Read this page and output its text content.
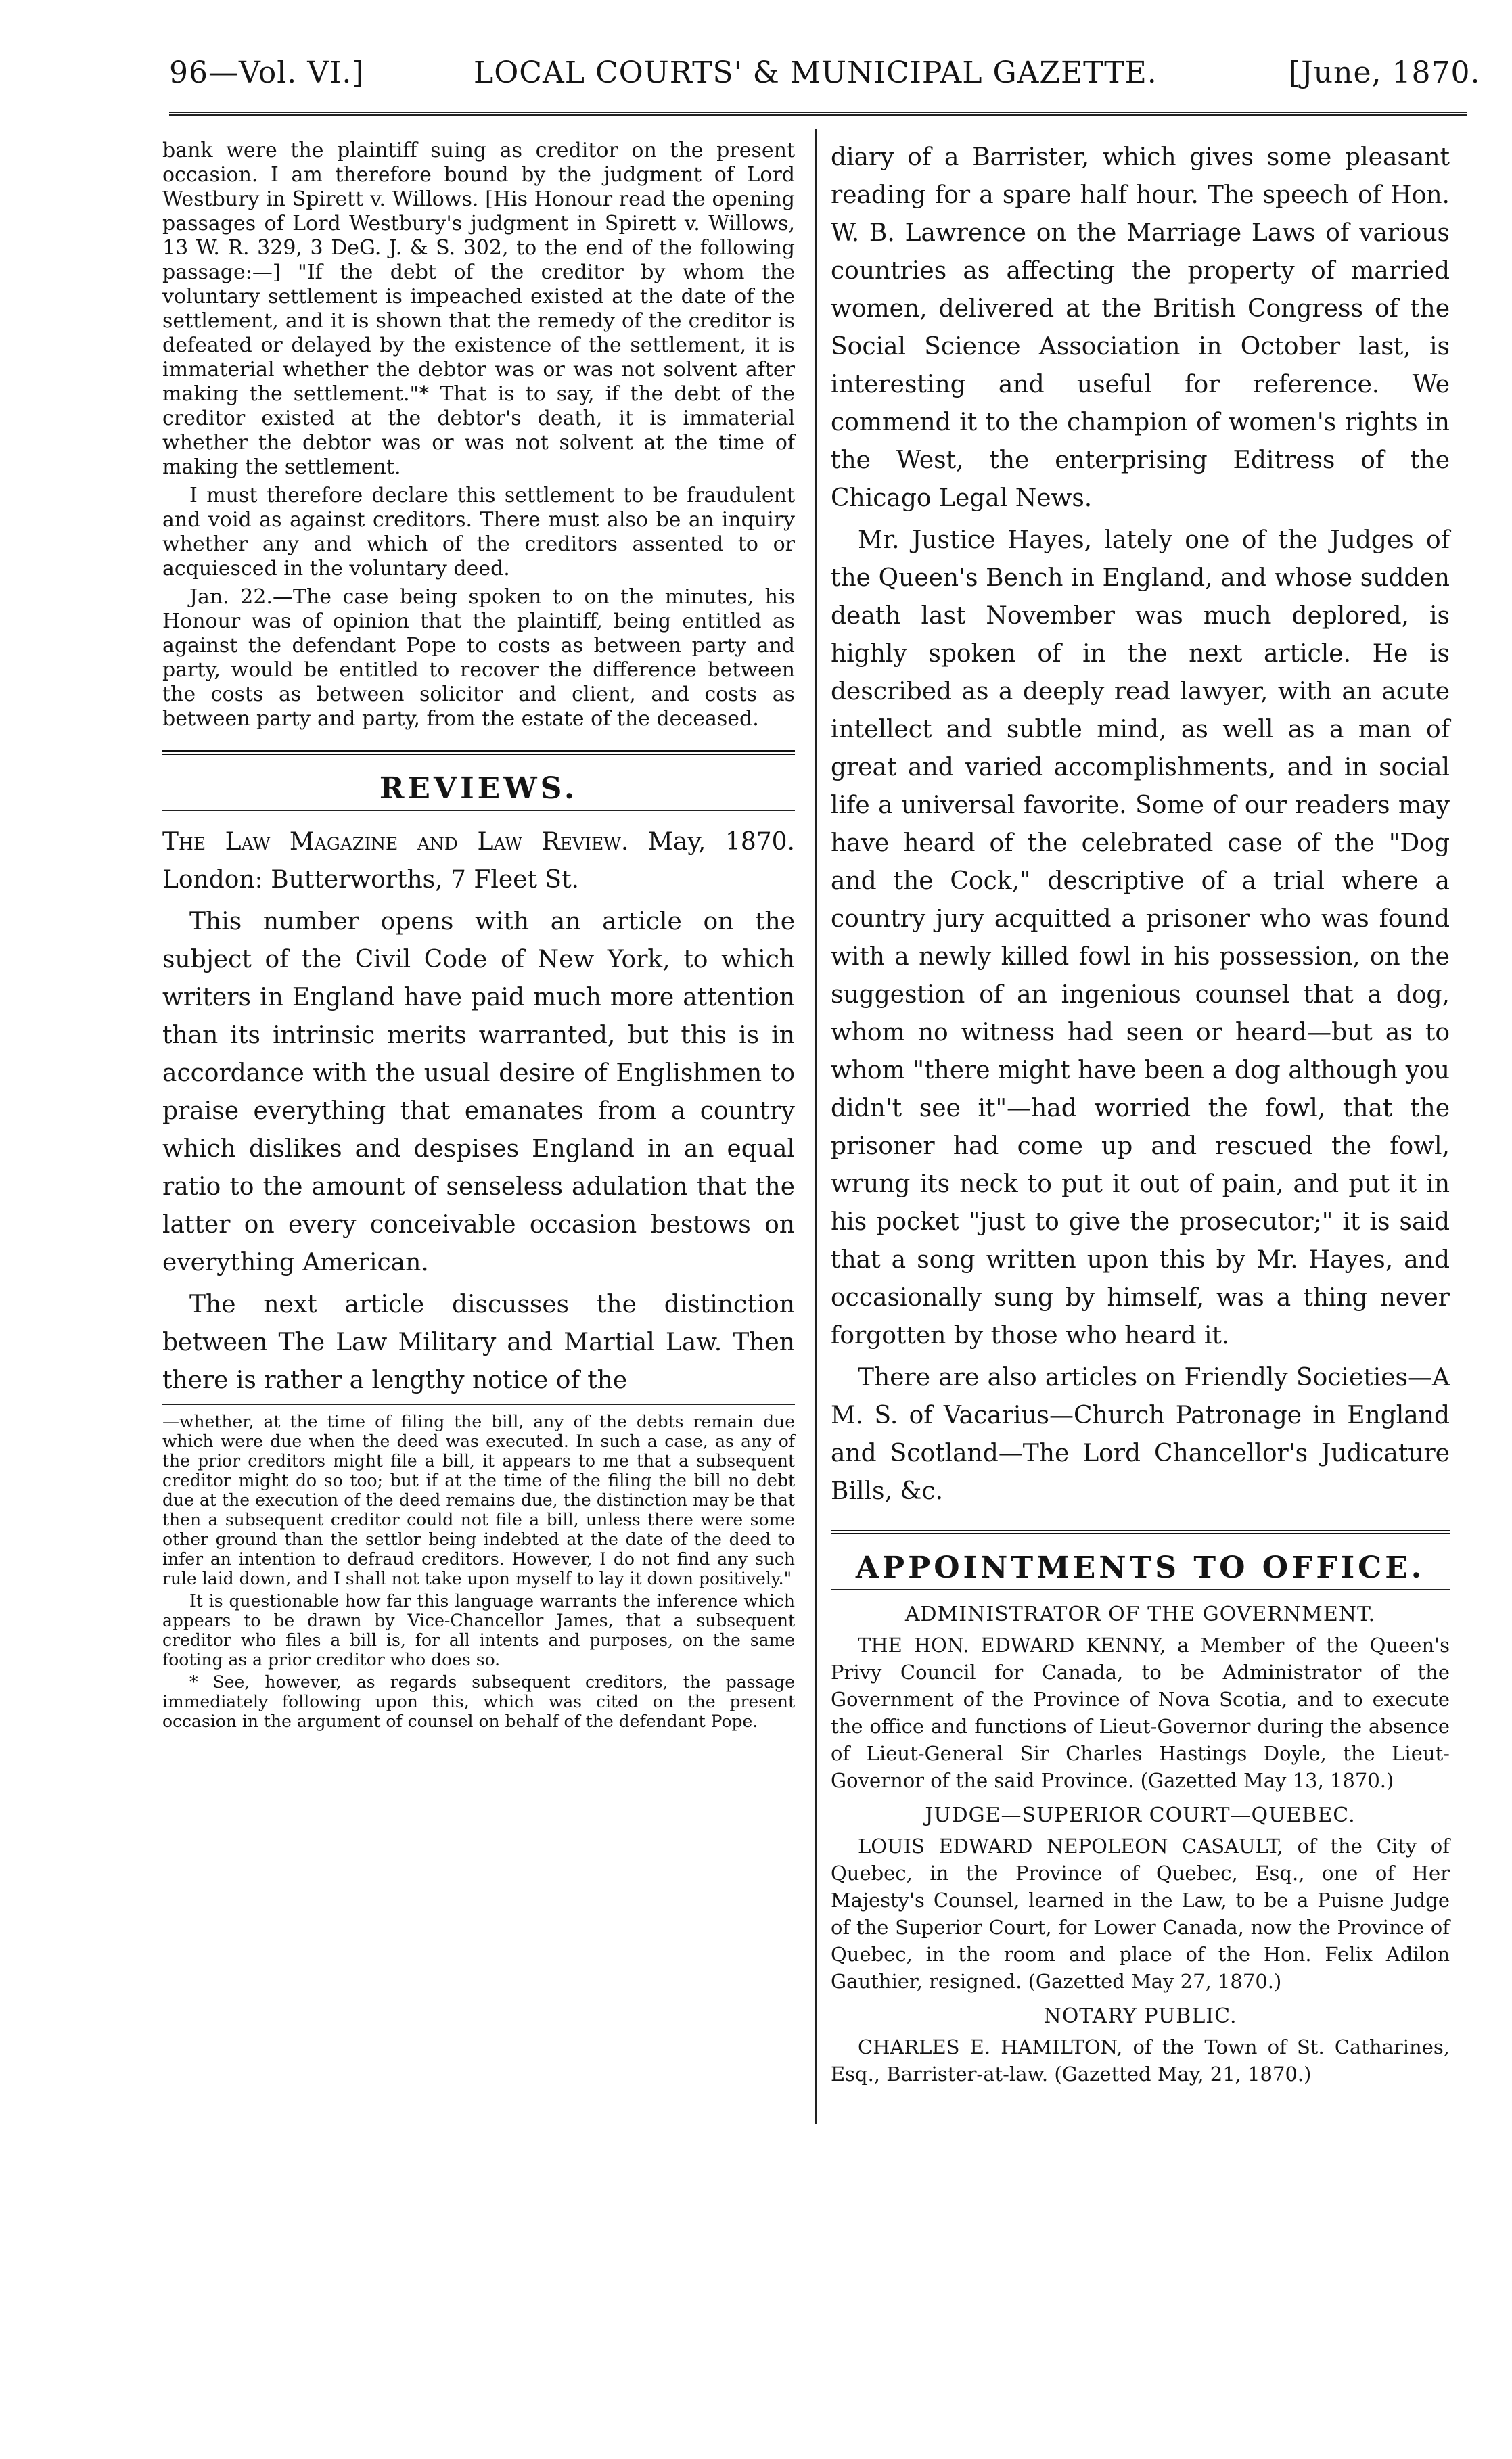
96—Vol. VI.]	LOCAL COURTS' & MUNICIPAL GAZETTE.	[June, 1870.

bank were the plaintiff suing as creditor on the present occasion. I am therefore bound by the judgment of Lord Westbury in Spirett v. Willows. [His Honour read the opening passages of Lord Westbury's judgment in Spirett v. Willows, 13 W. R. 329, 3 DeG. J. & S. 302, to the end of the following passage:—] "If the debt of the creditor by whom the voluntary settlement is impeached existed at the date of the settlement, and it is shown that the remedy of the creditor is defeated or delayed by the existence of the settlement, it is immaterial whether the debtor was or was not solvent after making the settlement."* That is to say, if the debt of the creditor existed at the debtor's death, it is immaterial whether the debtor was or was not solvent at the time of making the settlement.

I must therefore declare this settlement to be fraudulent and void as against creditors. There must also be an inquiry whether any and which of the creditors assented to or acquiesced in the voluntary deed.

Jan. 22.—The case being spoken to on the minutes, his Honour was of opinion that the plaintiff, being entitled as against the defendant Pope to costs as between party and party, would be entitled to recover the difference between the costs as between solicitor and client, and costs as between party and party, from the estate of the deceased.

REVIEWS.

The Law Magazine and Law Review. May, 1870. London: Butterworths, 7 Fleet St.

This number opens with an article on the subject of the Civil Code of New York, to which writers in England have paid much more attention than its intrinsic merits warranted, but this is in accordance with the usual desire of Englishmen to praise everything that emanates from a country which dislikes and despises England in an equal ratio to the amount of senseless adulation that the latter on every conceivable occasion bestows on everything American.

The next article discusses the distinction between The Law Military and Martial Law. Then there is rather a lengthy notice of the

—whether, at the time of filing the bill, any of the debts remain due which were due when the deed was executed. In such a case, as any of the prior creditors might file a bill, it appears to me that a subsequent creditor might do so too; but if at the time of the filing the bill no debt due at the execution of the deed remains due, the distinction may be that then a subsequent creditor could not file a bill, unless there were some other ground than the settlor being indebted at the date of the deed to infer an intention to defraud creditors. However, I do not find any such rule laid down, and I shall not take upon myself to lay it down positively."

It is questionable how far this language warrants the inference which appears to be drawn by Vice-Chancellor James, that a subsequent creditor who files a bill is, for all intents and purposes, on the same footing as a prior creditor who does so.

* See, however, as regards subsequent creditors, the passage immediately following upon this, which was cited on the present occasion in the argument of counsel on behalf of the defendant Pope.

diary of a Barrister, which gives some pleasant reading for a spare half hour. The speech of Hon. W. B. Lawrence on the Marriage Laws of various countries as affecting the property of married women, delivered at the British Congress of the Social Science Association in October last, is interesting and useful for reference. We commend it to the champion of women's rights in the West, the enterprising Editress of the Chicago Legal News.

Mr. Justice Hayes, lately one of the Judges of the Queen's Bench in England, and whose sudden death last November was much deplored, is highly spoken of in the next article. He is described as a deeply read lawyer, with an acute intellect and subtle mind, as well as a man of great and varied accomplishments, and in social life a universal favorite. Some of our readers may have heard of the celebrated case of the "Dog and the Cock," descriptive of a trial where a country jury acquitted a prisoner who was found with a newly killed fowl in his possession, on the suggestion of an ingenious counsel that a dog, whom no witness had seen or heard—but as to whom "there might have been a dog although you didn't see it"—had worried the fowl, that the prisoner had come up and rescued the fowl, wrung its neck to put it out of pain, and put it in his pocket "just to give the prosecutor;" it is said that a song written upon this by Mr. Hayes, and occasionally sung by himself, was a thing never forgotten by those who heard it.

There are also articles on Friendly Societies—A M. S. of Vacarius—Church Patronage in England and Scotland—The Lord Chancellor's Judicature Bills, &c.

APPOINTMENTS TO OFFICE.
ADMINISTRATOR OF THE GOVERNMENT.

THE HON. EDWARD KENNY, a Member of the Queen's Privy Council for Canada, to be Administrator of the Government of the Province of Nova Scotia, and to execute the office and functions of Lieut-Governor during the absence of Lieut-General Sir Charles Hastings Doyle, the Lieut-Governor of the said Province. (Gazetted May 13, 1870.)

JUDGE—SUPERIOR COURT—QUEBEC.

LOUIS EDWARD NEPOLEON CASAULT, of the City of Quebec, in the Province of Quebec, Esq., one of Her Majesty's Counsel, learned in the Law, to be a Puisne Judge of the Superior Court, for Lower Canada, now the Province of Quebec, in the room and place of the Hon. Felix Adilon Gauthier, resigned. (Gazetted May 27, 1870.)

NOTARY PUBLIC.

CHARLES E. HAMILTON, of the Town of St. Catharines, Esq., Barrister-at-law. (Gazetted May, 21, 1870.)
